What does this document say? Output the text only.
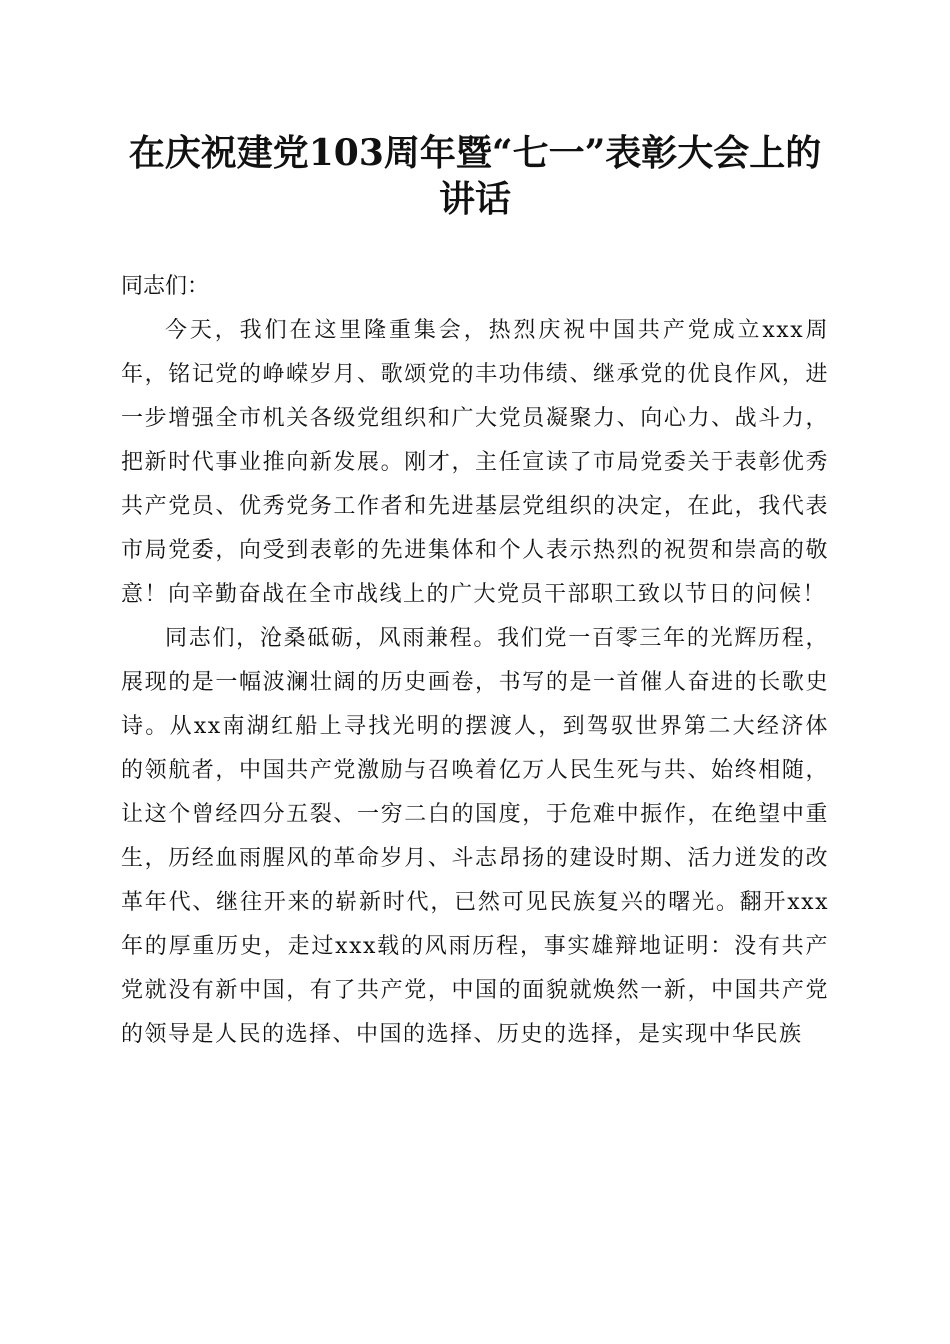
在庆祝建党103周年暨“七一”表彰大会上的
讲话

同志们：

今天，我们在这里隆重集会，热烈庆祝中国共产党成立xxx周年，铭记党的峥嵘岁月、歌颂党的丰功伟绩、继承党的优良作风，进一步增强全市机关各级党组织和广大党员凝聚力、向心力、战斗力，把新时代事业推向新发展。刚才，主任宣读了市局党委关于表彰优秀共产党员、优秀党务工作者和先进基层党组织的决定，在此，我代表市局党委，向受到表彰的先进集体和个人表示热烈的祝贺和崇高的敬意！向辛勤奋战在全市战线上的广大党员干部职工致以节日的问候！

同志们，沧桑砥砺，风雨兼程。我们党一百零三年的光辉历程，展现的是一幅波澜壮阔的历史画卷，书写的是一首催人奋进的长歌史诗。从xx南湖红船上寻找光明的摆渡人，到驾驭世界第二大经济体的领航者，中国共产党激励与召唤着亿万人民生死与共、始终相随，让这个曾经四分五裂、一穷二白的国度，于危难中振作，在绝望中重生，历经血雨腥风的革命岁月、斗志昂扬的建设时期、活力迸发的改革年代、继往开来的崭新时代，已然可见民族复兴的曙光。翻开xxx年的厚重历史，走过xxx载的风雨历程，事实雄辩地证明：没有共产党就没有新中国，有了共产党，中国的面貌就焕然一新，中国共产党的领导是人民的选择、中国的选择、历史的选择，是实现中华民族
